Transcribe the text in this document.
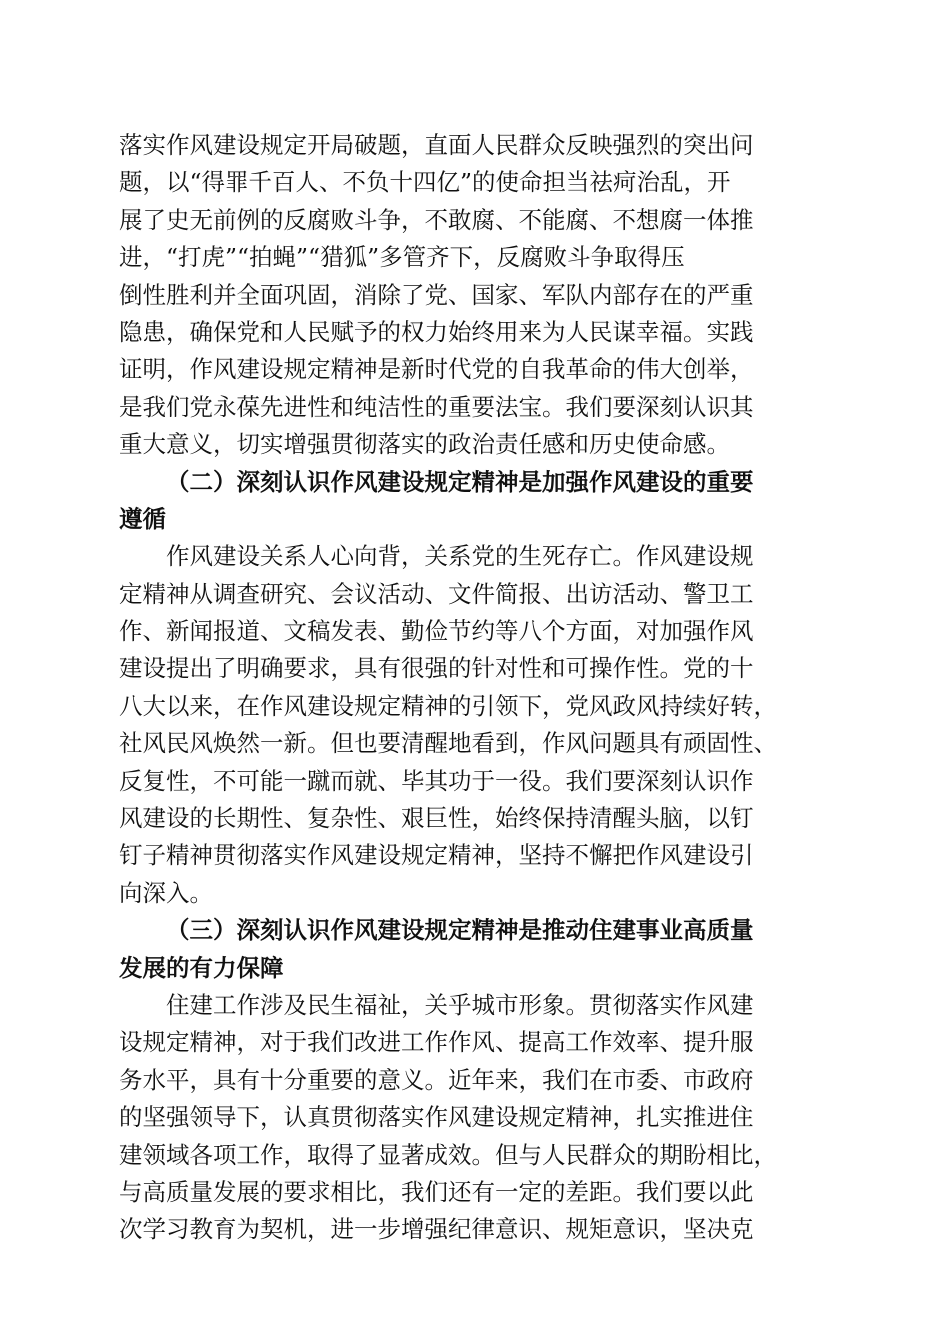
落实作风建设规定开局破题，直面人民群众反映强烈的突出问
题，以“得罪千百人、不负十四亿”的使命担当祛疴治乱，开
展了史无前例的反腐败斗争，不敢腐、不能腐、不想腐一体推
进，“打虎”“拍蝇”“猎狐”多管齐下，反腐败斗争取得压
倒性胜利并全面巩固，消除了党、国家、军队内部存在的严重
隐患，确保党和人民赋予的权力始终用来为人民谋幸福。实践
证明，作风建设规定精神是新时代党的自我革命的伟大创举，
是我们党永葆先进性和纯洁性的重要法宝。我们要深刻认识其
重大意义，切实增强贯彻落实的政治责任感和历史使命感。
（二）深刻认识作风建设规定精神是加强作风建设的重要
遵循
作风建设关系人心向背，关系党的生死存亡。作风建设规
定精神从调查研究、会议活动、文件简报、出访活动、警卫工
作、新闻报道、文稿发表、勤俭节约等八个方面，对加强作风
建设提出了明确要求，具有很强的针对性和可操作性。党的十
八大以来，在作风建设规定精神的引领下，党风政风持续好转，
社风民风焕然一新。但也要清醒地看到，作风问题具有顽固性、
反复性，不可能一蹴而就、毕其功于一役。我们要深刻认识作
风建设的长期性、复杂性、艰巨性，始终保持清醒头脑，以钉
钉子精神贯彻落实作风建设规定精神，坚持不懈把作风建设引
向深入。
（三）深刻认识作风建设规定精神是推动住建事业高质量
发展的有力保障
住建工作涉及民生福祉，关乎城市形象。贯彻落实作风建
设规定精神，对于我们改进工作作风、提高工作效率、提升服
务水平，具有十分重要的意义。近年来，我们在市委、市政府
的坚强领导下，认真贯彻落实作风建设规定精神，扎实推进住
建领域各项工作，取得了显著成效。但与人民群众的期盼相比，
与高质量发展的要求相比，我们还有一定的差距。我们要以此
次学习教育为契机，进一步增强纪律意识、规矩意识，坚决克
